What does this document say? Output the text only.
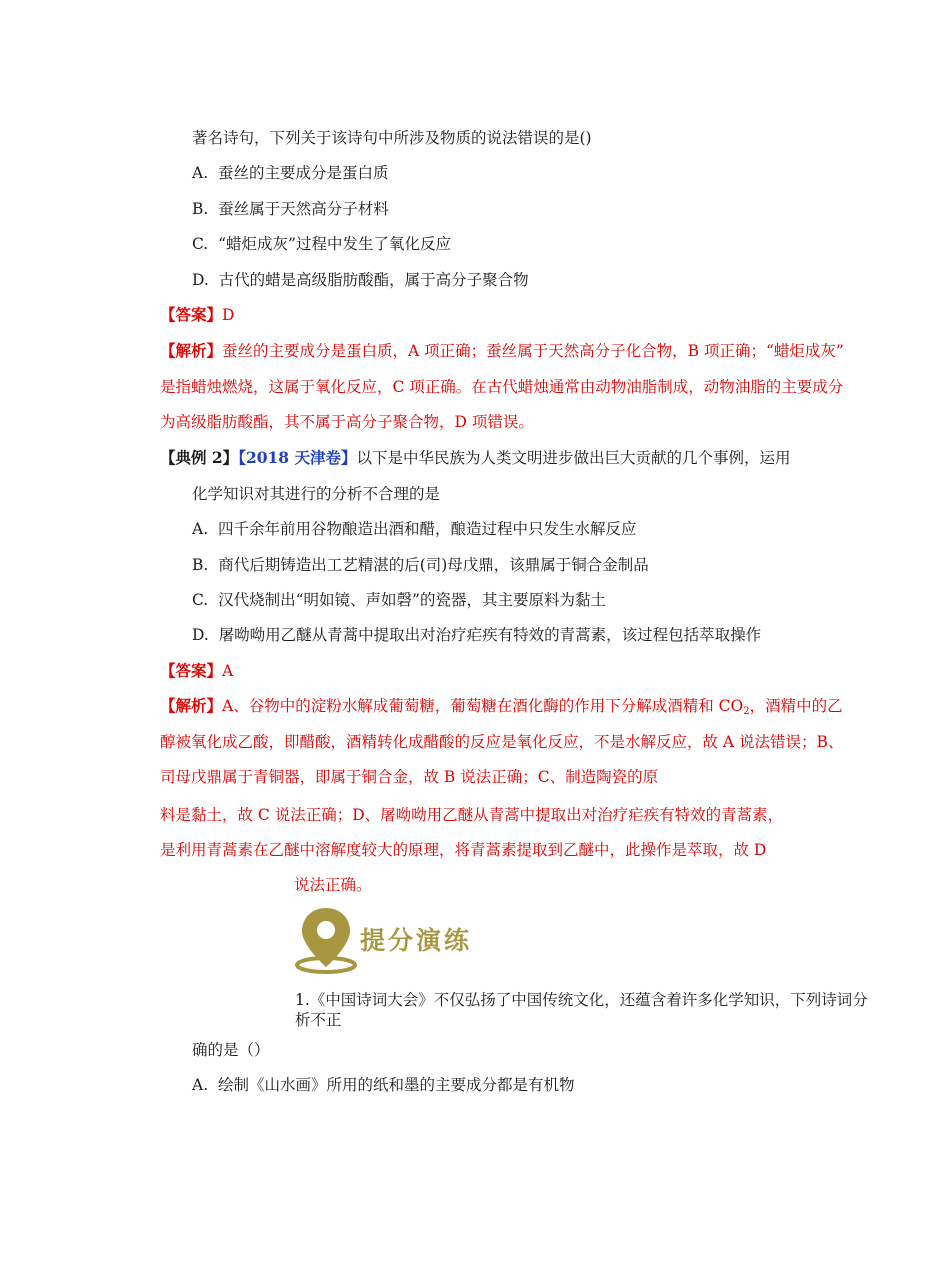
著名诗句，下列关于该诗句中所涉及物质的说法错误的是()
A. 蚕丝的主要成分是蛋白质
B. 蚕丝属于天然高分子材料
C. “蜡炬成灰”过程中发生了氧化反应
D. 古代的蜡是高级脂肪酸酯，属于高分子聚合物
【答案】D
【解析】蚕丝的主要成分是蛋白质，A 项正确；蚕丝属于天然高分子化合物，B 项正确；“蜡炬成灰”
是指蜡烛燃烧，这属于氧化反应，C 项正确。在古代蜡烛通常由动物油脂制成，动物油脂的主要成分
为高级脂肪酸酯，其不属于高分子聚合物，D 项错误。
【典例 2】【2018 天津卷】以下是中华民族为人类文明进步做出巨大贡献的几个事例，运用
化学知识对其进行的分析不合理的是
A. 四千余年前用谷物酿造出酒和醋，酿造过程中只发生水解反应
B. 商代后期铸造出工艺精湛的后(司)母戊鼎，该鼎属于铜合金制品
C. 汉代烧制出“明如镜、声如磬”的瓷器，其主要原料为黏土
D. 屠呦呦用乙醚从青蒿中提取出对治疗疟疾有特效的青蒿素，该过程包括萃取操作
【答案】A
【解析】A、谷物中的淀粉水解成葡萄糖，葡萄糖在酒化酶的作用下分解成酒精和 $CO_2$，酒精中的乙
醇被氧化成乙酸，即醋酸，酒精转化成醋酸的反应是氧化反应，不是水解反应，故 A 说法错误；B、
司母戊鼎属于青铜器，即属于铜合金，故 B 说法正确；C、制造陶瓷的原
料是黏土，故 C 说法正确；D、屠呦呦用乙醚从青蒿中提取出对治疗疟疾有特效的青蒿素，
是利用青蒿素在乙醚中溶解度较大的原理，将青蒿素提取到乙醚中，此操作是萃取，故 D
说法正确。
提分演练
1.《中国诗词大会》不仅弘扬了中国传统文化，还蕴含着许多化学知识，下列诗词分析不正
确的是（）
A. 绘制《山水画》所用的纸和墨的主要成分都是有机物
